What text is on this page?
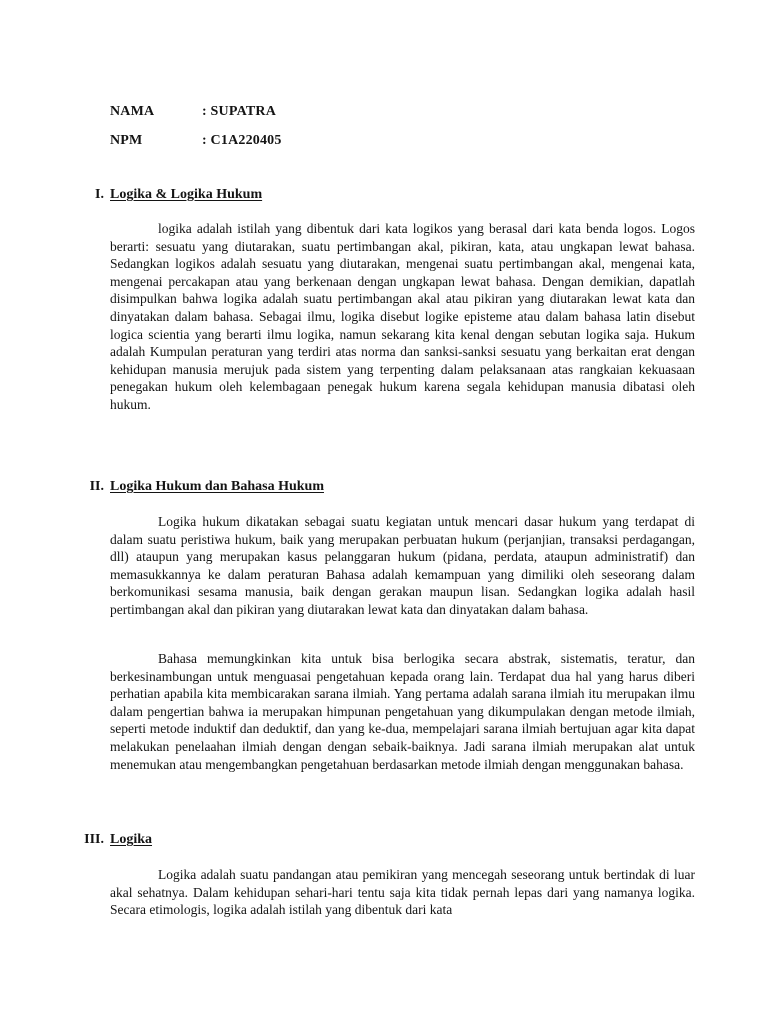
NAMA	: SUPATRA
NPM	: C1A220405
I. Logika & Logika Hukum

logika adalah istilah yang dibentuk dari kata logikos yang berasal dari kata benda logos. Logos berarti: sesuatu yang diutarakan, suatu pertimbangan akal, pikiran, kata, atau ungkapan lewat bahasa. Sedangkan logikos adalah sesuatu yang diutarakan, mengenai suatu pertimbangan akal, mengenai kata, mengenai percakapan atau yang berkenaan dengan ungkapan lewat bahasa. Dengan demikian, dapatlah disimpulkan bahwa logika adalah suatu pertimbangan akal atau pikiran yang diutarakan lewat kata dan dinyatakan dalam bahasa. Sebagai ilmu, logika disebut logike episteme atau dalam bahasa latin disebut logica scientia yang berarti ilmu logika, namun sekarang kita kenal dengan sebutan logika saja. Hukum adalah Kumpulan peraturan yang terdiri atas norma dan sanksi-sanksi sesuatu yang berkaitan erat dengan kehidupan manusia merujuk pada sistem yang terpenting dalam pelaksanaan atas rangkaian kekuasaan penegakan hukum oleh kelembagaan penegak hukum karena segala kehidupan manusia dibatasi oleh hukum.

II. Logika Hukum dan Bahasa Hukum

Logika hukum dikatakan sebagai suatu kegiatan untuk mencari dasar hukum yang terdapat di dalam suatu peristiwa hukum, baik yang merupakan perbuatan hukum (perjanjian, transaksi perdagangan, dll) ataupun yang merupakan kasus pelanggaran hukum (pidana, perdata, ataupun administratif) dan memasukkannya ke dalam peraturan Bahasa adalah kemampuan yang dimiliki oleh seseorang dalam berkomunikasi sesama manusia, baik dengan gerakan maupun lisan. Sedangkan logika adalah hasil pertimbangan akal dan pikiran yang diutarakan lewat kata dan dinyatakan dalam bahasa.

Bahasa memungkinkan kita untuk bisa berlogika secara abstrak, sistematis, teratur, dan berkesinambungan untuk menguasai pengetahuan kepada orang lain. Terdapat dua hal yang harus diberi perhatian apabila kita membicarakan sarana ilmiah. Yang pertama adalah sarana ilmiah itu merupakan ilmu dalam pengertian bahwa ia merupakan himpunan pengetahuan yang dikumpulakan dengan metode ilmiah, seperti metode induktif dan deduktif, dan yang ke-dua, mempelajari sarana ilmiah bertujuan agar kita dapat melakukan penelaahan ilmiah dengan dengan sebaik-baiknya. Jadi sarana ilmiah merupakan alat untuk menemukan atau mengembangkan pengetahuan berdasarkan metode ilmiah dengan menggunakan bahasa.

III. Logika

Logika adalah suatu pandangan atau pemikiran yang mencegah seseorang untuk bertindak di luar akal sehatnya. Dalam kehidupan sehari-hari tentu saja kita tidak pernah lepas dari yang namanya logika. Secara etimologis, logika adalah istilah yang dibentuk dari kata
